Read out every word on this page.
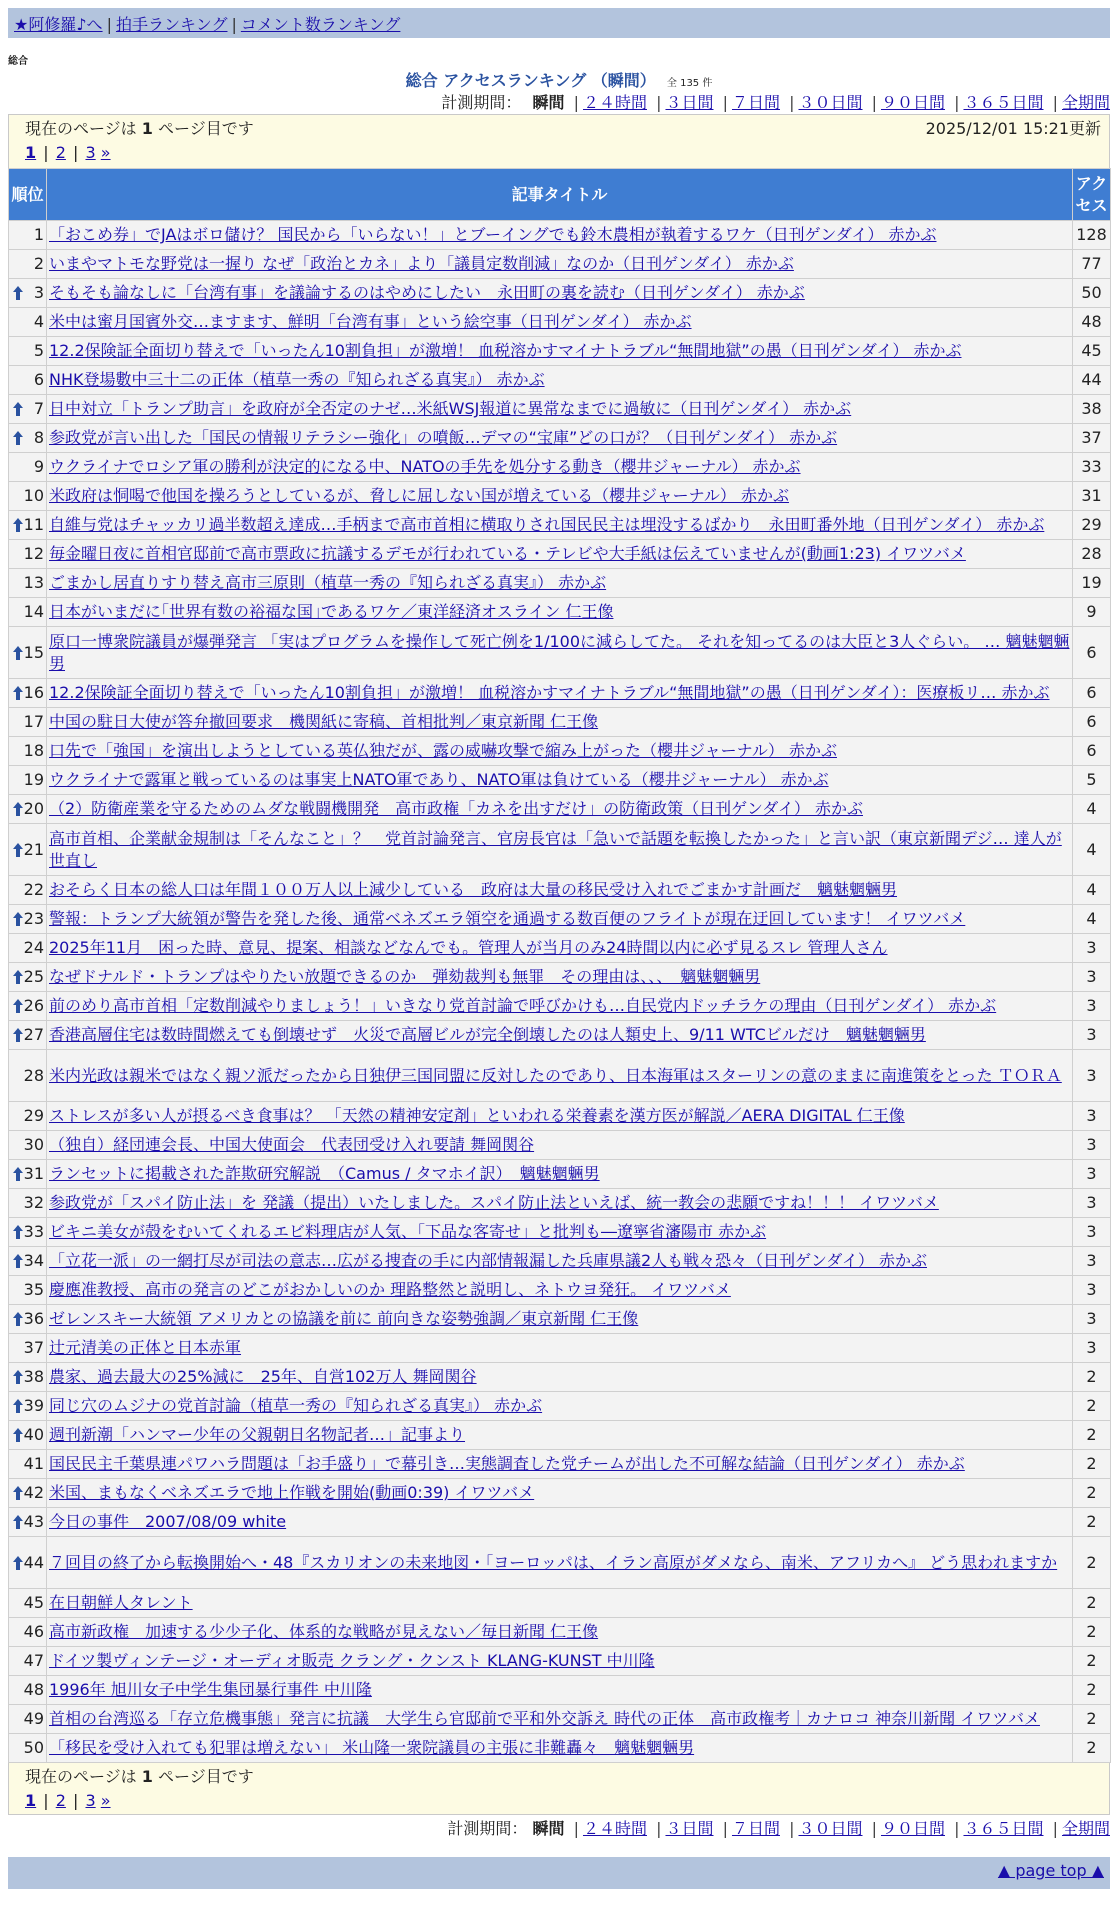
★阿修羅♪へ | 拍手ランキング | コメント数ランキング
総合
総合 アクセスランキング （瞬間） 全 135 件
計測期間： 瞬間 | ２４時間 | ３日間 | ７日間 | ３０日間 | ９０日間 | ３６５日間 | 全期間
現在のページは 1 ページ目です	2025/12/01 15:21更新
1 | 2 | 3 »
順位	記事タイトル	アクセス
1	「おこめ券」でJAはボロ儲け？ 国民から「いらない！」とブーイングでも鈴木農相が執着するワケ（日刊ゲンダイ） 赤かぶ	128
2	いまやマトモな野党は一握り なぜ「政治とカネ」より「議員定数削減」なのか（日刊ゲンダイ） 赤かぶ	77

3	そもそも論なしに「台湾有事」を議論するのはやめにしたい　永田町の裏を読む（日刊ゲンダイ） 赤かぶ	50
4	米中は蜜月国賓外交…ますます、鮮明「台湾有事」という絵空事（日刊ゲンダイ） 赤かぶ	48
5	12.2保険証全面切り替えで「いったん10割負担」が激増！ 血税溶かすマイナトラブル“無間地獄”の愚（日刊ゲンダイ） 赤かぶ	45
6	NHK登場數中三十二の正体（植草一秀の『知られざる真実』） 赤かぶ	44

7	日中対立「トランプ助言」を政府が全否定のナゼ…米紙WSJ報道に異常なまでに過敏に（日刊ゲンダイ） 赤かぶ	38

8	参政党が言い出した「国民の情報リテラシー強化」の噴飯…デマの“宝庫”どの口が？（日刊ゲンダイ） 赤かぶ	37
9	ウクライナでロシア軍の勝利が決定的になる中、NATOの手先を処分する動き（櫻井ジャーナル） 赤かぶ	33
10	米政府は恫喝で他国を操ろうとしているが、脅しに屈しない国が増えている（櫻井ジャーナル） 赤かぶ	31

11	自維与党はチャッカリ過半数超え達成…手柄まで高市首相に横取りされ国民民主は埋没するばかり　永田町番外地（日刊ゲンダイ） 赤かぶ	29
12	毎金曜日夜に首相官邸前で高市票政に抗議するデモが行われている・テレビや大手紙は伝えていませんが(動画1:23) イワツバメ	28
13	ごまかし居直りすり替え高市三原則（植草一秀の『知られざる真実』） 赤かぶ	19
14	日本がいまだに｢世界有数の裕福な国｣であるワケ／東洋経済オスライン 仁王像	9

15	原口一博衆院議員が爆弾発言 「実はプログラムを操作して死亡例を1/100に減らしてた。 それを知ってるのは大臣と3人ぐらい。 … 魑魅魍魎男	6

16	12.2保険証全面切り替えで「いったん10割負担」が激増！ 血税溶かすマイナトラブル“無間地獄”の愚（日刊ゲンダイ）：医療板リ… 赤かぶ	6
17	中国の駐日大使が答弁撤回要求　機関紙に寄稿、首相批判／東京新聞 仁王像	6
18	口先で「強国」を演出しようとしている英仏独だが、露の威嚇攻撃で縮み上がった（櫻井ジャーナル） 赤かぶ	6
19	ウクライナで露軍と戦っているのは事実上NATO軍であり、NATO軍は負けている（櫻井ジャーナル） 赤かぶ	5

20	（2）防衛産業を守るためのムダな戦闘機開発　高市政権「カネを出すだけ」の防衛政策（日刊ゲンダイ） 赤かぶ	4

21	高市首相、企業献金規制は「そんなこと」？　党首討論発言、官房長官は「急いで話題を転換したかった」と言い訳（東京新聞デジ… 達人が世直し	4
22	おそらく日本の総人口は年間１００万人以上減少している　政府は大量の移民受け入れでごまかす計画だ　魑魅魍魎男	4

23	警報：トランプ大統領が警告を発した後、通常ベネズエラ領空を通過する数百便のフライトが現在迂回しています！ イワツバメ	4
24	2025年11月　困った時、意見、提案、相談などなんでも。管理人が当月のみ24時間以内に必ず見るスレ 管理人さん	3

25	なぜドナルド・トランプはやりたい放題できるのか　弾劾裁判も無罪　その理由は、、、　魑魅魍魎男	3

26	前のめり高市首相「定数削減やりましょう！」いきなり党首討論で呼びかけも…自民党内ドッチラケの理由（日刊ゲンダイ） 赤かぶ	3

27	香港高層住宅は数時間燃えても倒壊せず　火災で高層ビルが完全倒壊したのは人類史上、9/11 WTCビルだけ　魑魅魍魎男	3
28	米内光政は親米ではなく親ソ派だったから日独伊三国同盟に反対したのであり、日本海軍はスターリンの意のままに南進策をとった ＴＯＲＡ	3
29	ストレスが多い人が摂るべき食事は？ 「天然の精神安定剤」といわれる栄養素を漢方医が解説／AERA DIGITAL 仁王像	3
30	（独自）経団連会長、中国大使面会　代表団受け入れ要請 舞岡関谷	3

31	ランセットに掲載された詐欺研究解説　（Camus / タマホイ訳）　魑魅魍魎男	3
32	参政党が「スパイ防止法」を 発議（提出）いたしました。スパイ防止法といえば、統一教会の悲願ですね！！！ イワツバメ	3

33	ビキニ美女が殻をむいてくれるエビ料理店が人気、「下品な客寄せ」と批判も―遼寧省瀋陽市 赤かぶ	3

34	「立花一派」の一網打尽が司法の意志…広がる捜査の手に内部情報漏した兵庫県議2人も戦々恐々（日刊ゲンダイ） 赤かぶ	3
35	慶應准教授、高市の発言のどこがおかしいのか 理路整然と説明し、ネトウヨ発狂。 イワツバメ	3

36	ゼレンスキー大統領 アメリカとの協議を前に 前向きな姿勢強調／東京新聞 仁王像	3
37	辻元清美の正体と日本赤軍	3

38	農家、過去最大の25%減に　25年、自営102万人 舞岡関谷	2

39	同じ穴のムジナの党首討論（植草一秀の『知られざる真実』） 赤かぶ	2

40	週刊新潮「ハンマー少年の父親朝日名物記者…」記事より	2
41	国民民主千葉県連パワハラ問題は「お手盛り」で幕引き…実態調査した党チームが出した不可解な結論（日刊ゲンダイ） 赤かぶ	2

42	米国、まもなくベネズエラで地上作戦を開始(動画0:39) イワツバメ	2

43	今日の事件　2007/08/09 white	2

44	７回目の終了から転換開始へ・48『スカリオンの未来地図・「ヨーロッパは、イラン高原がダメなら、南米、アフリカへ』 どう思われますか	2
45	在日朝鮮人タレント	2
46	高市新政権　加速する少少子化、体系的な戦略が見えない／毎日新聞 仁王像	2
47	ドイツ製ヴィンテージ・オーディオ販売 クラング・クンスト KLANG-KUNST 中川隆	2
48	1996年 旭川女子中学生集団暴行事件 中川隆	2
49	首相の台湾巡る「存立危機事態」発言に抗議　大学生ら官邸前で平和外交訴え 時代の正体　高市政権考｜カナロコ 神奈川新聞 イワツバメ	2
50	「移民を受け入れても犯罪は増えない」 米山隆一衆院議員の主張に非難轟々　魑魅魍魎男	2
現在のページは 1 ページ目です
1 | 2 | 3 »
計測期間： 瞬間 | ２４時間 | ３日間 | ７日間 | ３０日間 | ９０日間 | ３６５日間 | 全期間
▲ page top ▲
